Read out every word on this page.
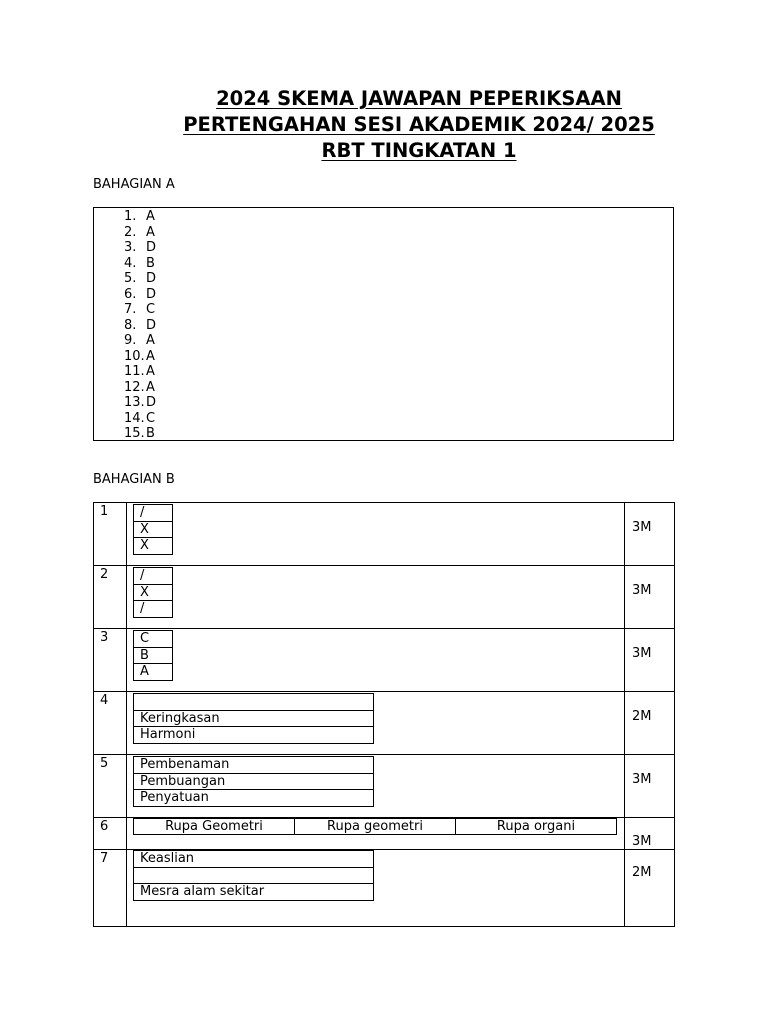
2024 SKEMA JAWAPAN PEPERIKSAAN
PERTENGAHAN SESI AKADEMIK 2024/ 2025
RBT TINGKATAN 1
BAHAGIAN A
1. A
2. A
3. D
4. B
5. D
6. D
7. C
8. D
9. A
10.A
11.A
12.A
13.D
14.C
15.B
BAHAGIAN B
1 /
X
X
3M
2 /
X
/
3M
3 C
B
A
3M
4

Keringkasan
Harmoni
2M
5 Pembenaman
Pembuangan
Penyatuan
3M
6	Rupa Geometri	Rupa geometri	Rupa organi
3M
7 Keaslian

Mesra alam sekitar
2M
